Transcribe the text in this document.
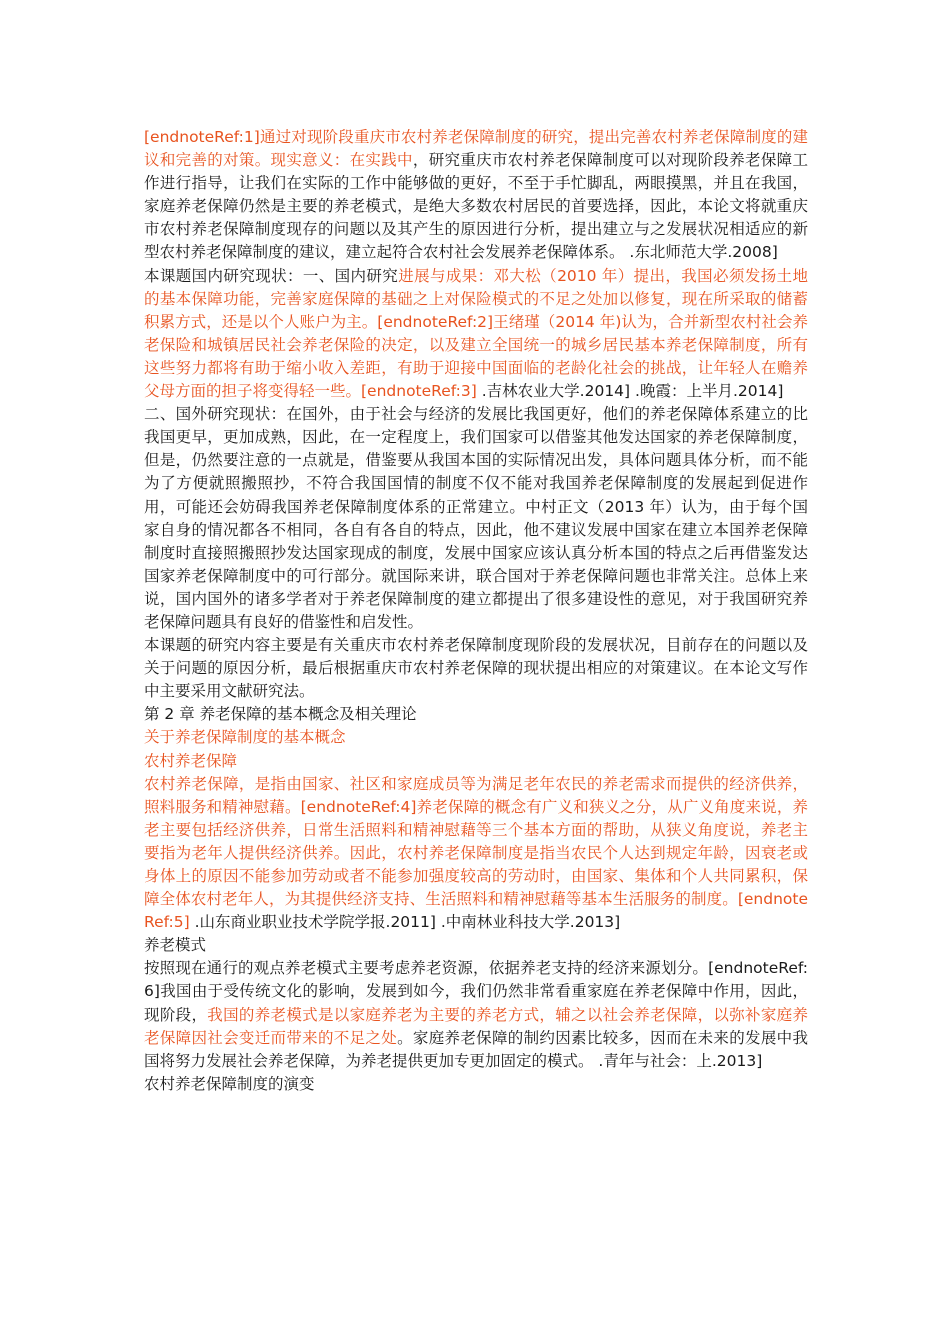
[endnoteRef:1]通过对现阶段重庆市农村养老保障制度的研究，提出完善农村养老保障制度的建议和完善的对策。现实意义：在实践中，研究重庆市农村养老保障制度可以对现阶段养老保障工作进行指导，让我们在实际的工作中能够做的更好，不至于手忙脚乱，两眼摸黑，并且在我国，家庭养老保障仍然是主要的养老模式，是绝大多数农村居民的首要选择，因此，本论文将就重庆市农村养老保障制度现存的问题以及其产生的原因进行分析，提出建立与之发展状况相适应的新型农村养老保障制度的建议，建立起符合农村社会发展养老保障体系。 .东北师范大学.2008]

本课题国内研究现状：一、国内研究进展与成果：邓大松（2010 年）提出，我国必须发扬土地的基本保障功能，完善家庭保障的基础之上对保险模式的不足之处加以修复，现在所采取的储蓄积累方式，还是以个人账户为主。[endnoteRef:2]王绪瑾（2014 年)认为，合并新型农村社会养老保险和城镇居民社会养老保险的决定，以及建立全国统一的城乡居民基本养老保障制度，所有这些努力都将有助于缩小收入差距，有助于迎接中国面临的老龄化社会的挑战，让年轻人在赡养父母方面的担子将变得轻一些。[endnoteRef:3] .吉林农业大学.2014] .晚霞：上半月.2014]

二、国外研究现状：在国外，由于社会与经济的发展比我国更好，他们的养老保障体系建立的比我国更早，更加成熟，因此，在一定程度上，我们国家可以借鉴其他发达国家的养老保障制度，但是，仍然要注意的一点就是，借鉴要从我国本国的实际情况出发，具体问题具体分析，而不能为了方便就照搬照抄，不符合我国国情的制度不仅不能对我国养老保障制度的发展起到促进作用，可能还会妨碍我国养老保障制度体系的正常建立。中村正文（2013 年）认为，由于每个国家自身的情况都各不相同，各自有各自的特点，因此，他不建议发展中国家在建立本国养老保障制度时直接照搬照抄发达国家现成的制度，发展中国家应该认真分析本国的特点之后再借鉴发达国家养老保障制度中的可行部分。就国际来讲，联合国对于养老保障问题也非常关注。总体上来说，国内国外的诸多学者对于养老保障制度的建立都提出了很多建设性的意见，对于我国研究养老保障问题具有良好的借鉴性和启发性。

本课题的研究内容主要是有关重庆市农村养老保障制度现阶段的发展状况，目前存在的问题以及关于问题的原因分析，最后根据重庆市农村养老保障的现状提出相应的对策建议。在本论文写作中主要采用文献研究法。

第 2 章 养老保障的基本概念及相关理论

关于养老保障制度的基本概念

农村养老保障

农村养老保障，是指由国家、社区和家庭成员等为满足老年农民的养老需求而提供的经济供养，照料服务和精神慰藉。[endnoteRef:4]养老保障的概念有广义和狭义之分，从广义角度来说，养老主要包括经济供养，日常生活照料和精神慰藉等三个基本方面的帮助，从狭义角度说，养老主要指为老年人提供经济供养。因此，农村养老保障制度是指当农民个人达到规定年龄，因衰老或身体上的原因不能参加劳动或者不能参加强度较高的劳动时，由国家、集体和个人共同累积，保障全体农村老年人，为其提供经济支持、生活照料和精神慰藉等基本生活服务的制度。[endnoteRef:5] .山东商业职业技术学院学报.2011] .中南林业科技大学.2013]

养老模式

按照现在通行的观点养老模式主要考虑养老资源，依据养老支持的经济来源划分。[endnoteRef:6]我国由于受传统文化的影响，发展到如今，我们仍然非常看重家庭在养老保障中作用，因此，现阶段，我国的养老模式是以家庭养老为主要的养老方式，辅之以社会养老保障，以弥补家庭养老保障因社会变迁而带来的不足之处。家庭养老保障的制约因素比较多，因而在未来的发展中我国将努力发展社会养老保障，为养老提供更加专更加固定的模式。 .青年与社会：上.2013]

农村养老保障制度的演变
